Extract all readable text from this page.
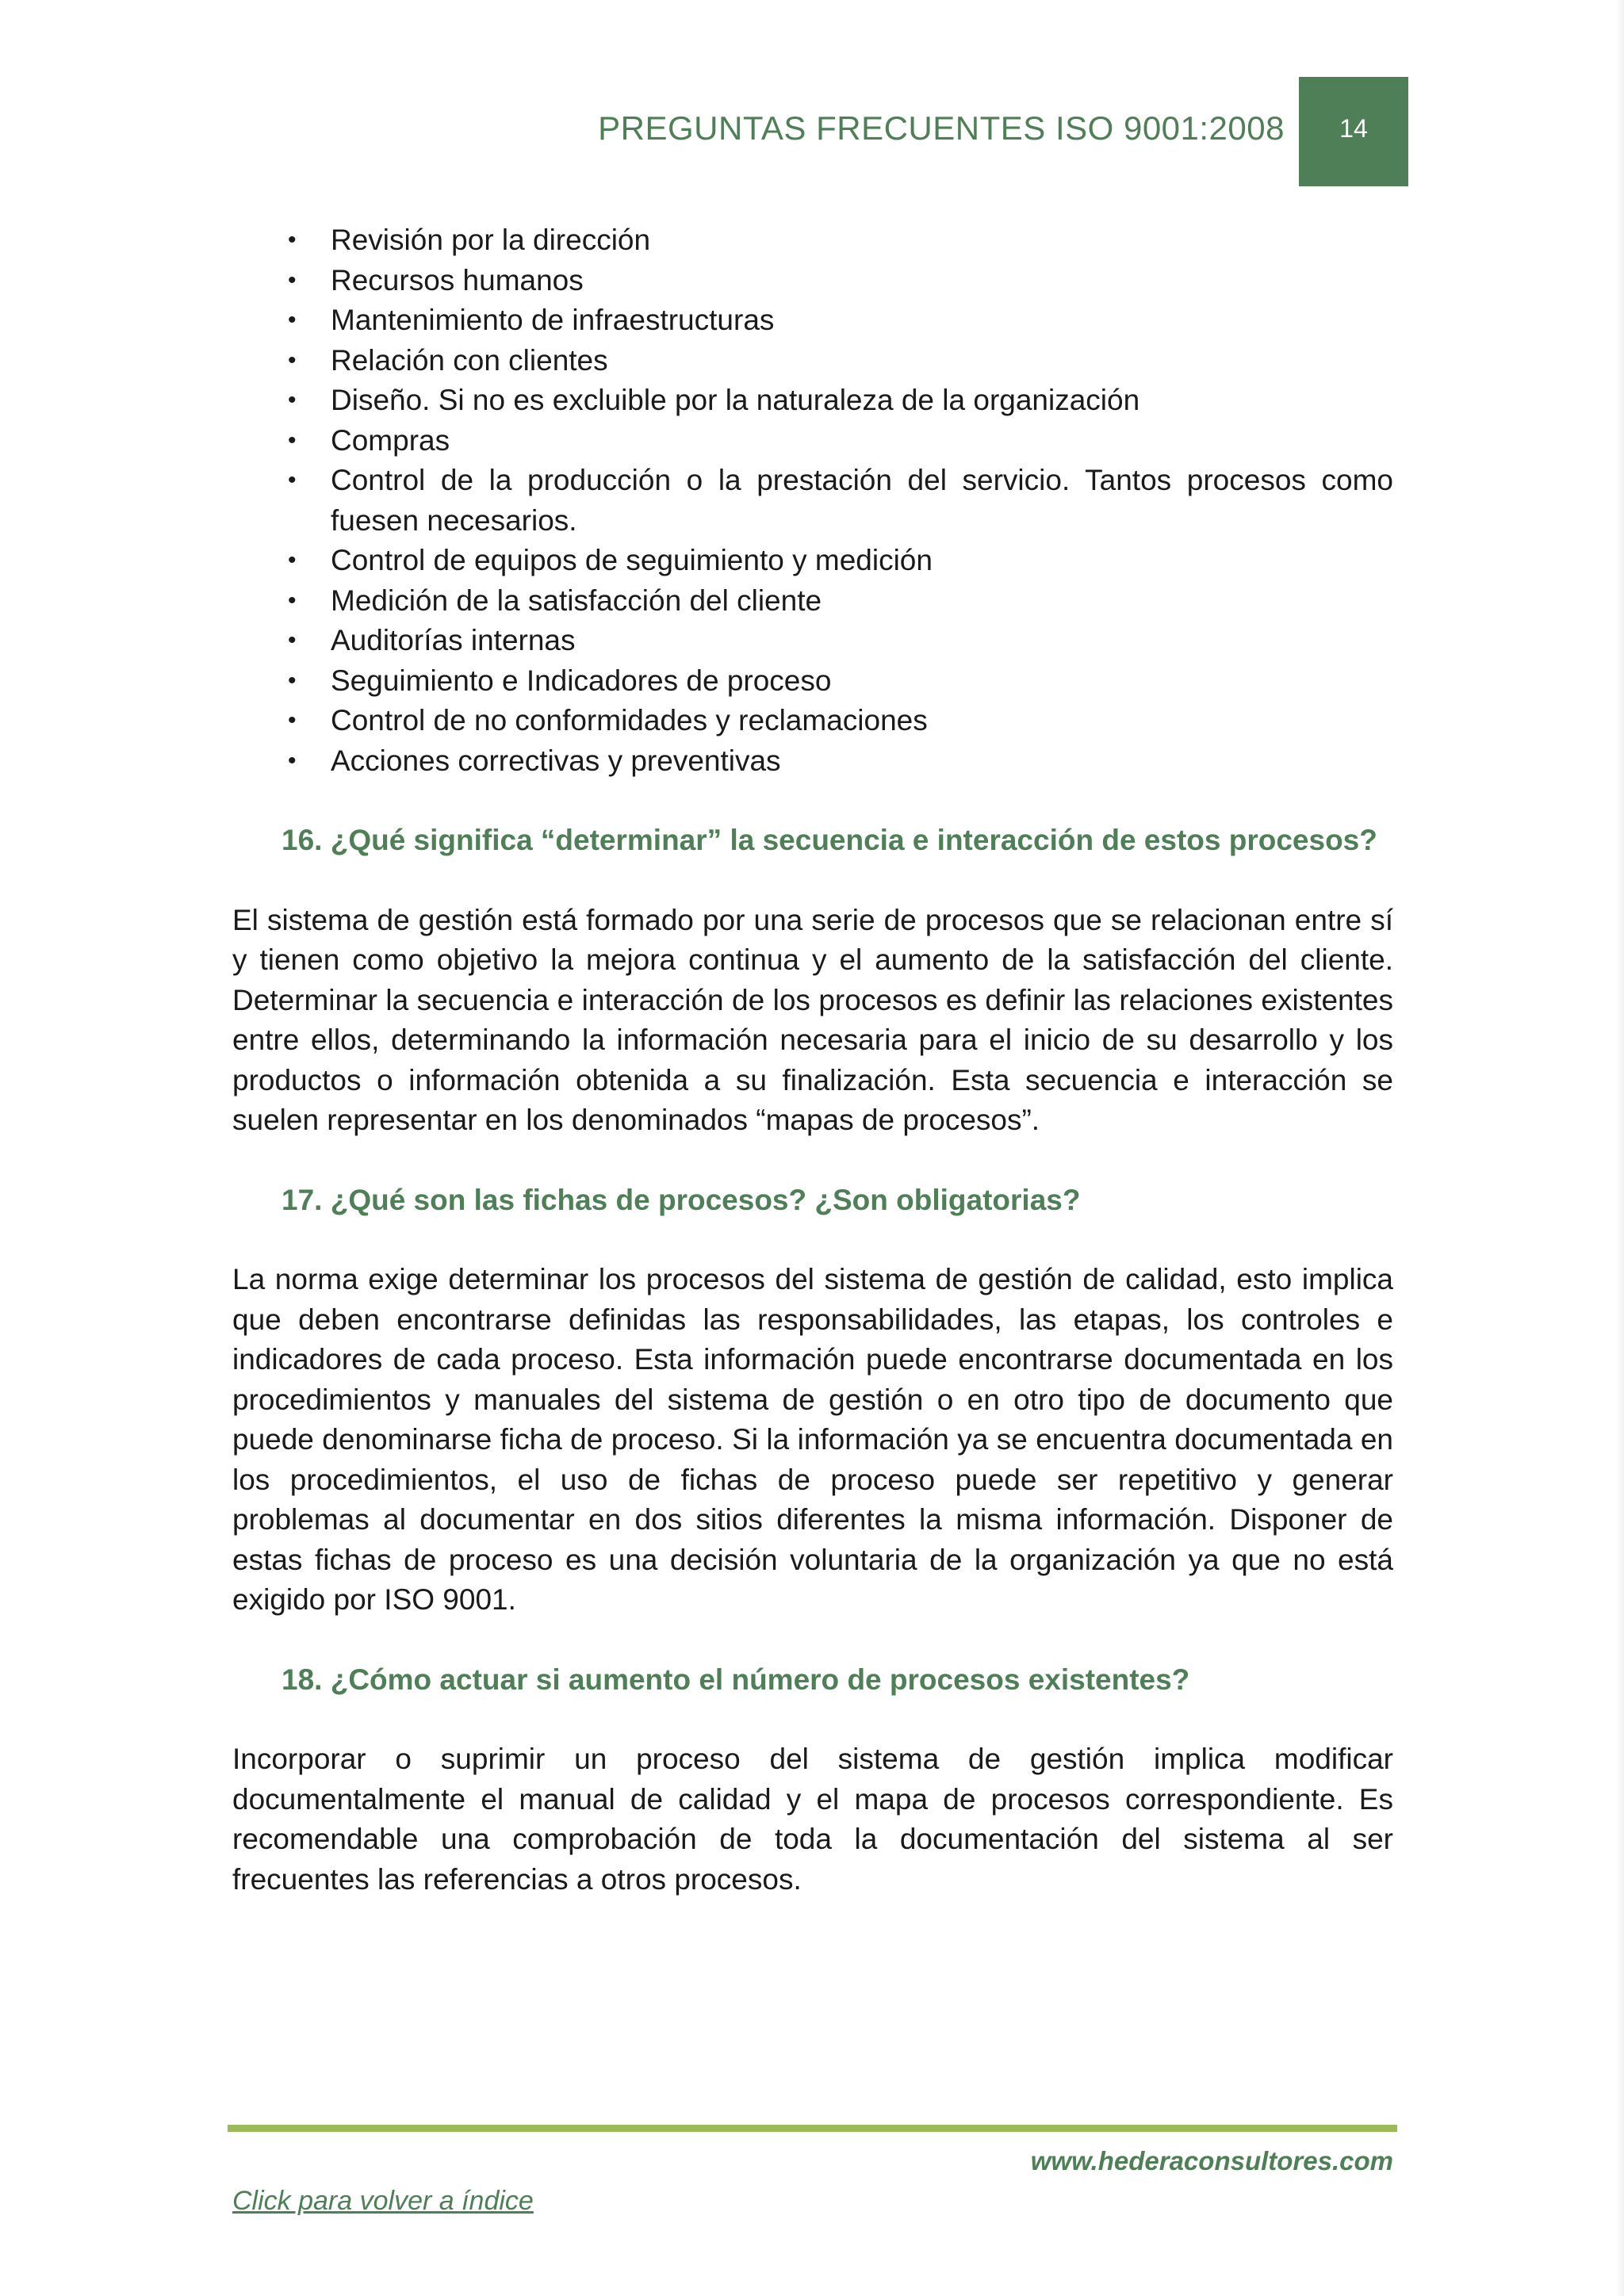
PREGUNTAS FRECUENTES ISO 9001:2008	14
• Revisión por la dirección
• Recursos humanos
• Mantenimiento de infraestructuras
• Relación con clientes
• Diseño. Si no es excluible por la naturaleza de la organización
• Compras
• Control de la producción o la prestación del servicio. Tantos procesos como fuesen necesarios.
• Control de equipos de seguimiento y medición
• Medición de la satisfacción del cliente
• Auditorías internas
• Seguimiento e Indicadores de proceso
• Control de no conformidades y reclamaciones
• Acciones correctivas y preventivas
16. ¿Qué significa “determinar” la secuencia e interacción de estos procesos?

El sistema de gestión está formado por una serie de procesos que se relacionan entre sí y tienen como objetivo la mejora continua y el aumento de la satisfacción del cliente. Determinar la secuencia e interacción de los procesos es definir las relaciones existentes entre ellos, determinando la información necesaria para el inicio de su desarrollo y los productos o información obtenida a su finalización. Esta secuencia e interacción se suelen representar en los denominados “mapas de procesos”.

17. ¿Qué son las fichas de procesos? ¿Son obligatorias?

La norma exige determinar los procesos del sistema de gestión de calidad, esto implica que deben encontrarse definidas las responsabilidades, las etapas, los controles e indicadores de cada proceso. Esta información puede encontrarse documentada en los procedimientos y manuales del sistema de gestión o en otro tipo de documento que puede denominarse ficha de proceso. Si la información ya se encuentra documentada en los procedimientos, el uso de fichas de proceso puede ser repetitivo y generar problemas al documentar en dos sitios diferentes la misma información. Disponer de estas fichas de proceso es una decisión voluntaria de la organización ya que no está exigido por ISO 9001.

18. ¿Cómo actuar si aumento el número de procesos existentes?

Incorporar o suprimir un proceso del sistema de gestión implica modificar documentalmente el manual de calidad y el mapa de procesos correspondiente. Es recomendable una comprobación de toda la documentación del sistema al ser frecuentes las referencias a otros procesos.

www.hederaconsultores.com
Click para volver a índice
